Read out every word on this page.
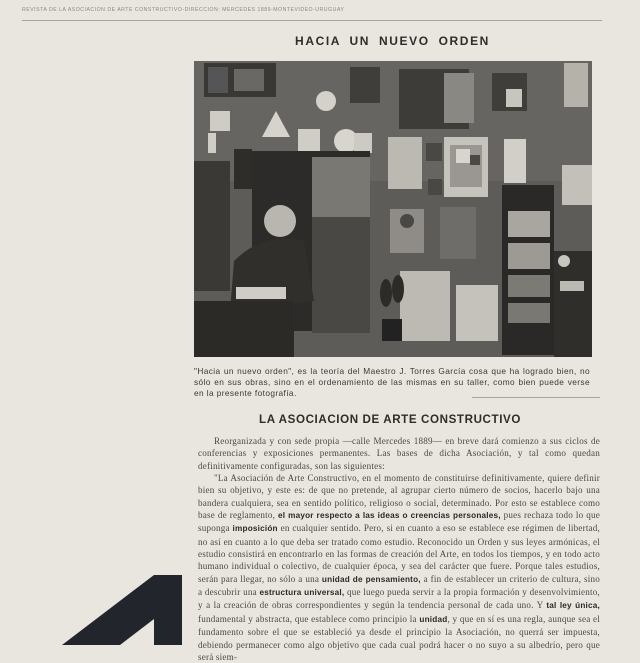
REVISTA DE LA ASOCIACION DE ARTE CONSTRUCTIVO-DIRECCION: MERCEDES 1889-MONTEVIDEO-URUGUAY
HACIA UN NUEVO ORDEN
"Hacia un nuevo orden", es la teoría del Maestro J. Torres García cosa que ha logrado bien, no sólo en sus obras, sino en el ordenamiento de las mismas en su taller, como bien puede verse en la presente fotografía.
LA ASOCIACION DE ARTE CONSTRUCTIVO

Reorganizada y con sede propia —calle Mercedes 1889— en breve dará comienzo a sus ciclos de conferencias y exposiciones permanentes. Las bases de dicha Asociación, y tal como quedan definitivamente configuradas, son las siguientes:

"La Asociación de Arte Constructivo, en el momento de constituirse definitivamente, quiere definir bien su objetivo, y este es: de que no pretende, al agrupar cierto número de socios, hacerlo bajo una bandera cualquiera, sea en sentido político, religioso o social, determinado. Por esto se establece como base de reglamento, el mayor respecto a las ideas o creencias personales, pues rechaza todo lo que suponga imposición en cualquier sentido. Pero, si en cuanto a eso se establece ese régimen de libertad, no así en cuanto a lo que deba ser tratado como estudio. Reconocido un Orden y sus leyes armónicas, el estudio consistirá en encontrarlo en las formas de creación del Arte, en todos los tiempos, y en todo acto humano individual o colectivo, de cualquier época, y sea del carácter que fuere. Porque tales estudios, serán para llegar, no sólo a una unidad de pensamiento, a fin de establecer un criterio de cultura, sino a descubrir una estructura universal, que luego pueda servir a la propia formación y desenvolvimiento, y a la creación de obras correspondientes y según la tendencia personal de cada uno. Y tal ley única, fundamental y abstracta, que establece como principio la unidad, y que en sí es una regla, aunque sea el fundamento sobre el que se estableció ya desde el principio la Asociación, no querrá ser impuesta, debiendo permanecer como algo objetivo que cada cual podrá hacer o no suyo a su albedrío, pero que será siem-
